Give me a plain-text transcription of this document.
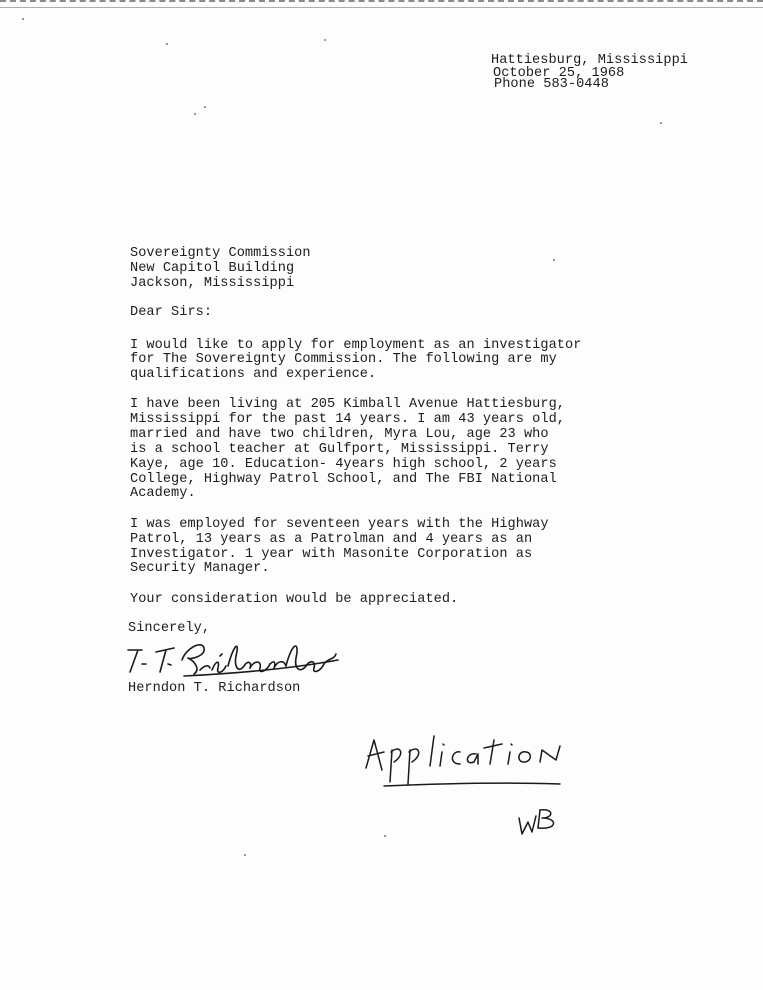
Hattiesburg, Mississippi
October 25, 1968
Phone 583-0448
Sovereignty Commission
New Capitol Building
Jackson, Mississippi
Dear Sirs:
I would like to apply for employment as an investigator
for The Sovereignty Commission. The following are my
qualifications and experience.
I have been living at 205 Kimball Avenue Hattiesburg,
Mississippi for the past 14 years. I am 43 years old,
married and have two children, Myra Lou, age 23 who
is a school teacher at Gulfport, Mississippi. Terry
Kaye, age 10. Education- 4years high school, 2 years
College, Highway Patrol School, and The FBI National
Academy.
I was employed for seventeen years with the Highway
Patrol, 13 years as a Patrolman and 4 years as an
Investigator. 1 year with Masonite Corporation as
Security Manager.
Your consideration would be appreciated.
Sincerely,
Herndon T. Richardson
